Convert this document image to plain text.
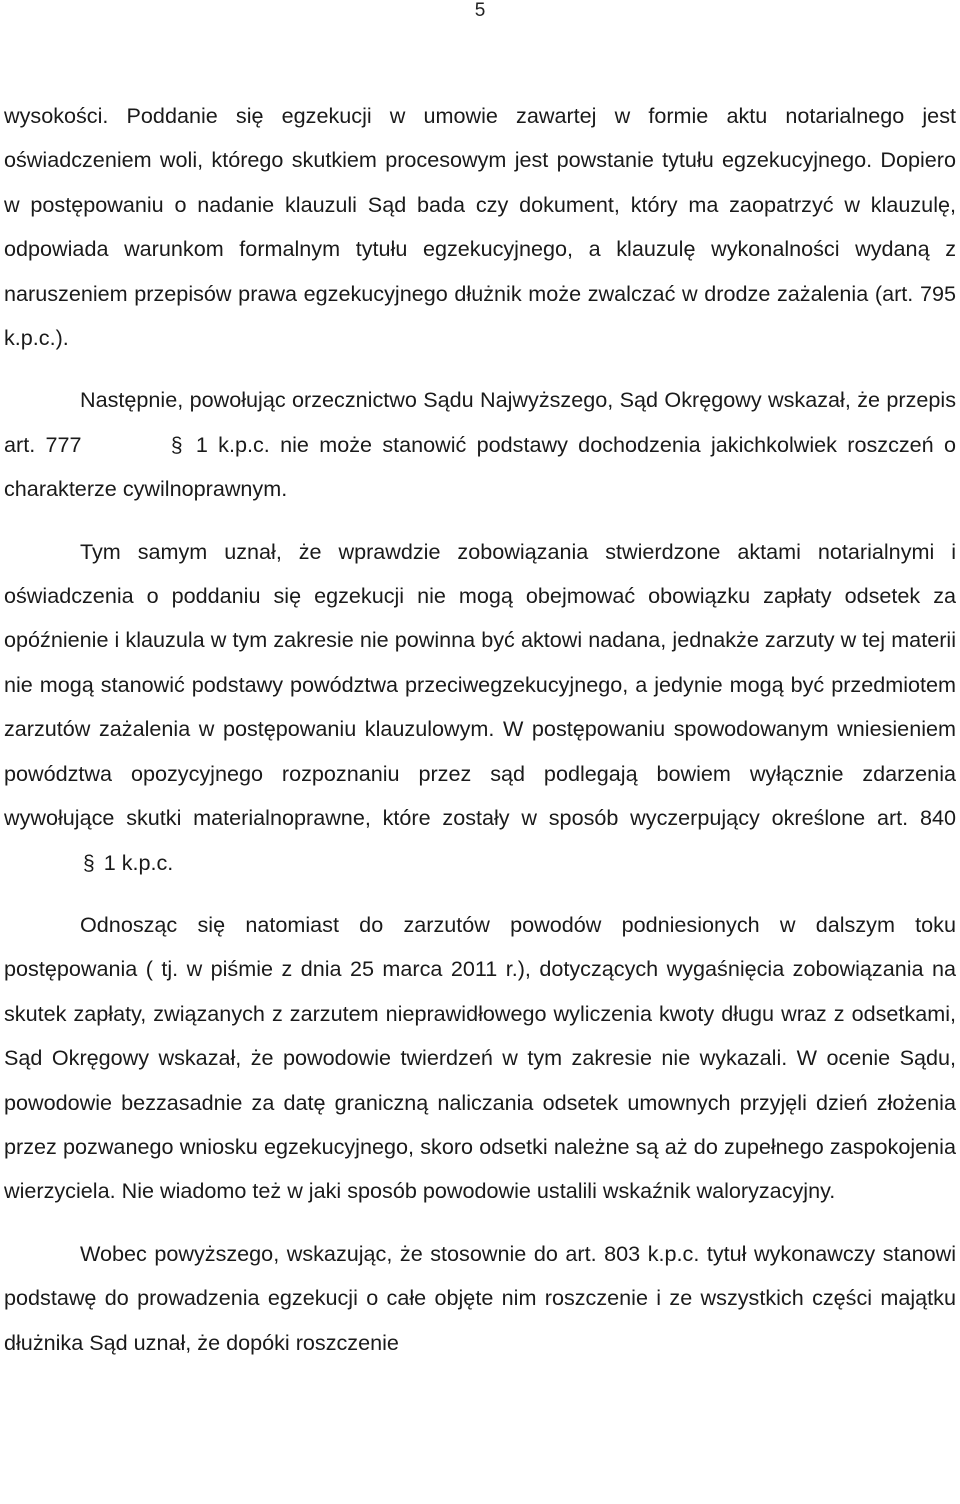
5

wysokości. Poddanie się egzekucji w umowie zawartej w formie aktu notarialnego jest oświadczeniem woli, którego skutkiem procesowym jest powstanie tytułu egzekucyjnego. Dopiero w postępowaniu o nadanie klauzuli Sąd bada czy dokument, który ma zaopatrzyć w klauzulę, odpowiada warunkom formalnym tytułu egzekucyjnego, a klauzulę wykonalności wydaną z naruszeniem przepisów prawa egzekucyjnego dłużnik może zwalczać w drodze zażalenia (art. 795 k.p.c.).

Następnie, powołując orzecznictwo Sądu Najwyższego, Sąd Okręgowy wskazał, że przepis art. 777	§ 1 k.p.c. nie może stanowić podstawy dochodzenia jakichkolwiek roszczeń o charakterze cywilnoprawnym.

Tym samym uznał, że wprawdzie zobowiązania stwierdzone aktami notarialnymi i oświadczenia o poddaniu się egzekucji nie mogą obejmować obowiązku zapłaty odsetek za opóźnienie i klauzula w tym zakresie nie powinna być aktowi nadana, jednakże zarzuty w tej materii nie mogą stanowić podstawy powództwa przeciwegzekucyjnego, a jedynie mogą być przedmiotem zarzutów zażalenia w postępowaniu klauzulowym. W postępowaniu spowodowanym wniesieniem powództwa opozycyjnego rozpoznaniu przez sąd podlegają bowiem wyłącznie zdarzenia wywołujące skutki materialnoprawne, które zostały w sposób wyczerpujący określone art. 840 § 1 k.p.c.

Odnosząc się natomiast do zarzutów powodów podniesionych w dalszym toku postępowania ( tj. w piśmie z dnia 25 marca 2011 r.), dotyczących wygaśnięcia zobowiązania na skutek zapłaty, związanych z zarzutem nieprawidłowego wyliczenia kwoty długu wraz z odsetkami, Sąd Okręgowy wskazał, że powodowie twierdzeń w tym zakresie nie wykazali. W ocenie Sądu, powodowie bezzasadnie za datę graniczną naliczania odsetek umownych przyjęli dzień złożenia przez pozwanego wniosku egzekucyjnego, skoro odsetki należne są aż do zupełnego zaspokojenia wierzyciela. Nie wiadomo też w jaki sposób powodowie ustalili wskaźnik waloryzacyjny.

Wobec powyższego, wskazując, że stosownie do art. 803 k.p.c. tytuł wykonawczy stanowi podstawę do prowadzenia egzekucji o całe objęte nim roszczenie i ze wszystkich części majątku dłużnika Sąd uznał, że dopóki roszczenie
